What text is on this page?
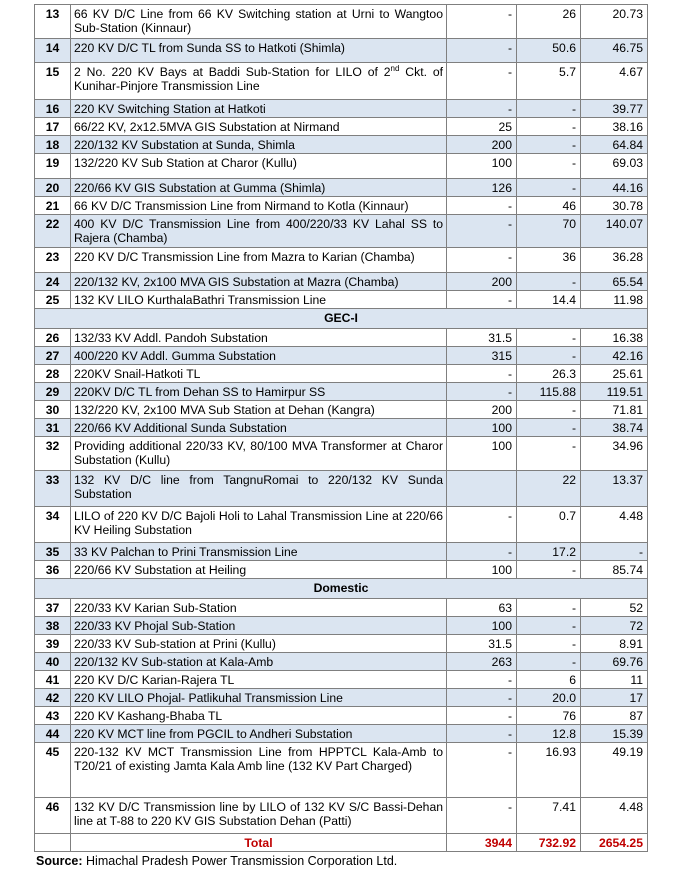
13	66 KV D/C Line from 66 KV Switching station at Urni to Wangtoo Sub-Station (Kinnaur)	-	26	20.73
14	220 KV D/C TL from Sunda SS to Hatkoti (Shimla)	-	50.6	46.75
15	2 No. 220 KV Bays at Baddi Sub-Station for LILO of 2nd Ckt. of Kunihar-Pinjore Transmission Line	-	5.7	4.67
16	220 KV Switching Station at Hatkoti	-	-	39.77
17	66/22 KV, 2x12.5MVA GIS Substation at Nirmand	25	-	38.16
18	220/132 KV Substation at Sunda, Shimla	200	-	64.84
19	132/220 KV Sub Station at Charor (Kullu)	100	-	69.03
20	220/66 KV GIS Substation at Gumma (Shimla)	126	-	44.16
21	66 KV D/C Transmission Line from Nirmand to Kotla (Kinnaur)	-	46	30.78
22	400 KV D/C Transmission Line from 400/220/33 KV Lahal SS to Rajera (Chamba)	-	70	140.07
23	220 KV D/C Transmission Line from Mazra to Karian (Chamba)	-	36	36.28
24	220/132 KV, 2x100 MVA GIS Substation at Mazra (Chamba)	200	-	65.54
25	132 KV LILO KurthalaBathri Transmission Line	-	14.4	11.98
GEC-I				
26	132/33 KV Addl. Pandoh Substation	31.5	-	16.38
27	400/220 KV Addl. Gumma Substation	315	-	42.16
28	220KV Snail-Hatkoti TL	-	26.3	25.61
29	220KV D/C TL from Dehan SS to Hamirpur SS	-	115.88	119.51
30	132/220 KV, 2x100 MVA Sub Station at Dehan (Kangra)	200	-	71.81
31	220/66 KV Additional Sunda Substation	100	-	38.74
32	Providing additional 220/33 KV, 80/100 MVA Transformer at Charor Substation (Kullu)	100	-	34.96
33	132 KV D/C line from TangnuRomai to 220/132 KV Sunda Substation		22	13.37
34	LILO of 220 KV D/C Bajoli Holi to Lahal Transmission Line at 220/66 KV Heiling Substation	-	0.7	4.48
35	33 KV Palchan to Prini Transmission Line	-	17.2	-
36	220/66 KV Substation at Heiling	100	-	85.74
Domestic				
37	220/33 KV Karian Sub-Station	63	-	52
38	220/33 KV Phojal Sub-Station	100	-	72
39	220/33 KV Sub-station at Prini (Kullu)	31.5	-	8.91
40	220/132 KV Sub-station at Kala-Amb	263	-	69.76
41	220 KV D/C Karian-Rajera TL	-	6	11
42	220 KV LILO Phojal- Patlikuhal Transmission Line	-	20.0	17
43	220 KV Kashang-Bhaba TL	-	76	87
44	220 KV MCT line from PGCIL to Andheri Substation	-	12.8	15.39
45	220-132 KV MCT Transmission Line from HPPTCL Kala-Amb to T20/21 of existing Jamta Kala Amb line (132 KV Part Charged)	-	16.93	49.19
46	132 KV D/C Transmission line by LILO of 132 KV S/C Bassi-Dehan line at T-88 to 220 KV GIS Substation Dehan (Patti)	-	7.41	4.48
	Total	3944	732.92	2654.25
Source: Himachal Pradesh Power Transmission Corporation Ltd.
